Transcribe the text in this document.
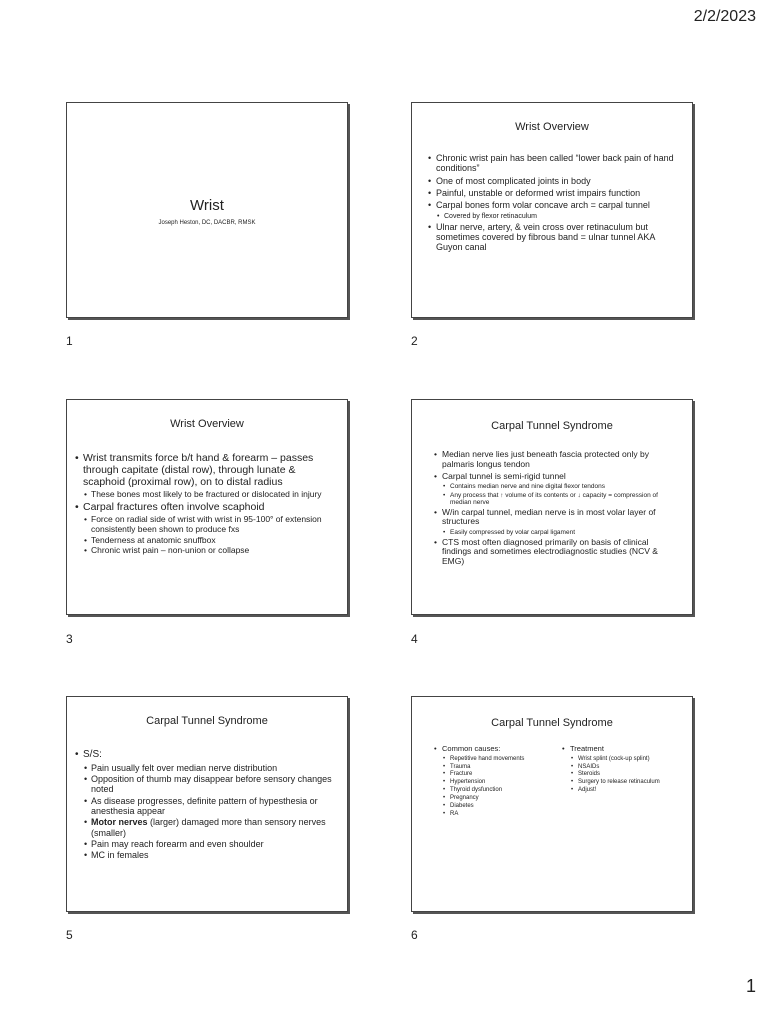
2/2/2023
Wrist
Joseph Heston, DC, DACBR, RMSK
1
Wrist Overview
• Chronic wrist pain has been called “lower back pain of hand conditions”
• One of most complicated joints in body
• Painful, unstable or deformed wrist impairs function
• Carpal bones form volar concave arch = carpal tunnel
• Covered by flexor retinaculum
• Ulnar nerve, artery, & vein cross over retinaculum but sometimes covered by fibrous band = ulnar tunnel AKA Guyon canal
2
Wrist Overview
• Wrist transmits force b/t hand & forearm – passes through capitate (distal row), through lunate & scaphoid (proximal row), on to distal radius
• These bones most likely to be fractured or dislocated in injury
• Carpal fractures often involve scaphoid
• Force on radial side of wrist with wrist in 95-100° of extension consistently been shown to produce fxs
• Tenderness at anatomic snuffbox
• Chronic wrist pain – non-union or collapse
3
Carpal Tunnel Syndrome
• Median nerve lies just beneath fascia protected only by palmaris longus tendon
• Carpal tunnel is semi-rigid tunnel
• Contains median nerve and nine digital flexor tendons
• Any process that ↑ volume of its contents or ↓ capacity = compression of median nerve
• W/in carpal tunnel, median nerve is in most volar layer of structures
• Easily compressed by volar carpal ligament
• CTS most often diagnosed primarily on basis of clinical findings and sometimes electrodiagnostic studies (NCV & EMG)
4
Carpal Tunnel Syndrome
• S/S:
• Pain usually felt over median nerve distribution
• Opposition of thumb may disappear before sensory changes noted
• As disease progresses, definite pattern of hypesthesia or anesthesia appear
• Motor nerves (larger) damaged more than sensory nerves (smaller)
• Pain may reach forearm and even shoulder
• MC in females
5
Carpal Tunnel Syndrome
• Common causes:
• Repetitive hand movements
• Trauma
• Fracture
• Hypertension
• Thyroid dysfunction
• Pregnancy
• Diabetes
• RA
• Treatment
• Wrist splint (cock-up splint)
• NSAIDs
• Steroids
• Surgery to release retinaculum
• Adjust!
6
1
